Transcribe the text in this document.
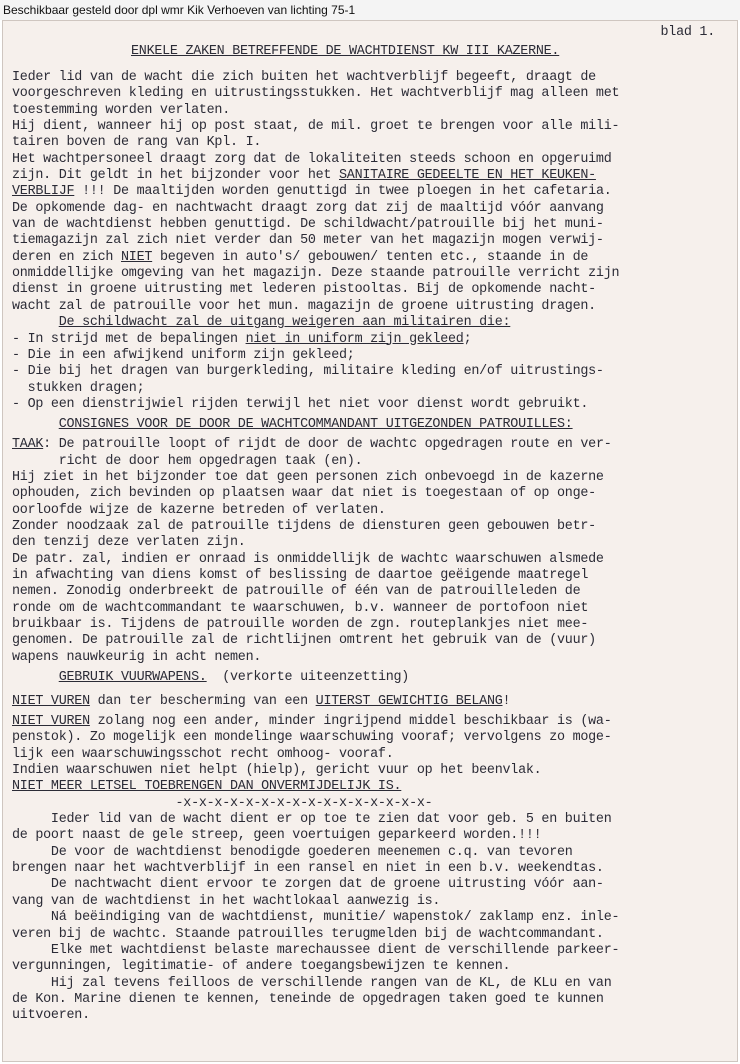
Beschikbaar gesteld door dpl wmr Kik Verhoeven van lichting 75-1
blad 1.
ENKELE ZAKEN BETREFFENDE DE WACHTDIENST KW III KAZERNE.
Ieder lid van de wacht die zich buiten het wachtverblijf begeeft, draagt de
voorgeschreven kleding en uitrustingsstukken. Het wachtverblijf mag alleen met
toestemming worden verlaten.
Hij dient, wanneer hij op post staat, de mil. groet te brengen voor alle mili-
tairen boven de rang van Kpl. I.
Het wachtpersoneel draagt zorg dat de lokaliteiten steeds schoon en opgeruimd
zijn. Dit geldt in het bijzonder voor het SANITAIRE GEDEELTE EN HET KEUKEN-
VERBLIJF !!! De maaltijden worden genuttigd in twee ploegen in het cafetaria.
De opkomende dag- en nachtwacht draagt zorg dat zij de maaltijd vóór aanvang
van de wachtdienst hebben genuttigd. De schildwacht/patrouille bij het muni-
tiemagazijn zal zich niet verder dan 50 meter van het magazijn mogen verwij-
deren en zich NIET begeven in auto's/ gebouwen/ tenten etc., staande in de
onmiddellijke omgeving van het magazijn. Deze staande patrouille verricht zijn
dienst in groene uitrusting met lederen pistooltas. Bij de opkomende nacht-
wacht zal de patrouille voor het mun. magazijn de groene uitrusting dragen.
De schildwacht zal de uitgang weigeren aan militairen die:
- In strijd met de bepalingen niet in uniform zijn gekleed;
- Die in een afwijkend uniform zijn gekleed;
- Die bij het dragen van burgerkleding, militaire kleding en/of uitrustings-
stukken dragen;
- Op een dienstrijwiel rijden terwijl het niet voor dienst wordt gebruikt.
CONSIGNES VOOR DE DOOR DE WACHTCOMMANDANT UITGEZONDEN PATROUILLES:
TAAK: De patrouille loopt of rijdt de door de wachtc opgedragen route en ver-
richt de door hem opgedragen taak (en).
Hij ziet in het bijzonder toe dat geen personen zich onbevoegd in de kazerne
ophouden, zich bevinden op plaatsen waar dat niet is toegestaan of op onge-
oorloofde wijze de kazerne betreden of verlaten.
Zonder noodzaak zal de patrouille tijdens de diensturen geen gebouwen betr-
den tenzij deze verlaten zijn.
De patr. zal, indien er onraad is onmiddellijk de wachtc waarschuwen alsmede
in afwachting van diens komst of beslissing de daartoe geëigende maatregel
nemen. Zonodig onderbreekt de patrouille of één van de patrouilleleden de
ronde om de wachtcommandant te waarschuwen, b.v. wanneer de portofoon niet
bruikbaar is. Tijdens de patrouille worden de zgn. routeplankjes niet mee-
genomen. De patrouille zal de richtlijnen omtrent het gebruik van de (vuur)
wapens nauwkeurig in acht nemen.
GEBRUIK VUURWAPENS.  (verkorte uiteenzetting)
NIET VUREN dan ter bescherming van een UITERST GEWICHTIG BELANG!
NIET VUREN zolang nog een ander, minder ingrijpend middel beschikbaar is (wa-
penstok). Zo mogelijk een mondelinge waarschuwing vooraf; vervolgens zo moge-
lijk een waarschuwingsschot recht omhoog- vooraf.
Indien waarschuwen niet helpt (hielp), gericht vuur op het beenvlak.
NIET MEER LETSEL TOEBRENGEN DAN ONVERMIJDELIJK IS.
-x-x-x-x-x-x-x-x-x-x-x-x-x-x-x-x-
Ieder lid van de wacht dient er op toe te zien dat voor geb. 5 en buiten
de poort naast de gele streep, geen voertuigen geparkeerd worden.!!!
De voor de wachtdienst benodigde goederen meenemen c.q. van tevoren
brengen naar het wachtverblijf in een ransel en niet in een b.v. weekendtas.
De nachtwacht dient ervoor te zorgen dat de groene uitrusting vóór aan-
vang van de wachtdienst in het wachtlokaal aanwezig is.
Ná beëindiging van de wachtdienst, munitie/ wapenstok/ zaklamp enz. inle-
veren bij de wachtc. Staande patrouilles terugmelden bij de wachtcommandant.
Elke met wachtdienst belaste marechaussee dient de verschillende parkeer-
vergunningen, legitimatie- of andere toegangsbewijzen te kennen.
Hij zal tevens feilloos de verschillende rangen van de KL, de KLu en van
de Kon. Marine dienen te kennen, teneinde de opgedragen taken goed te kunnen
uitvoeren.
